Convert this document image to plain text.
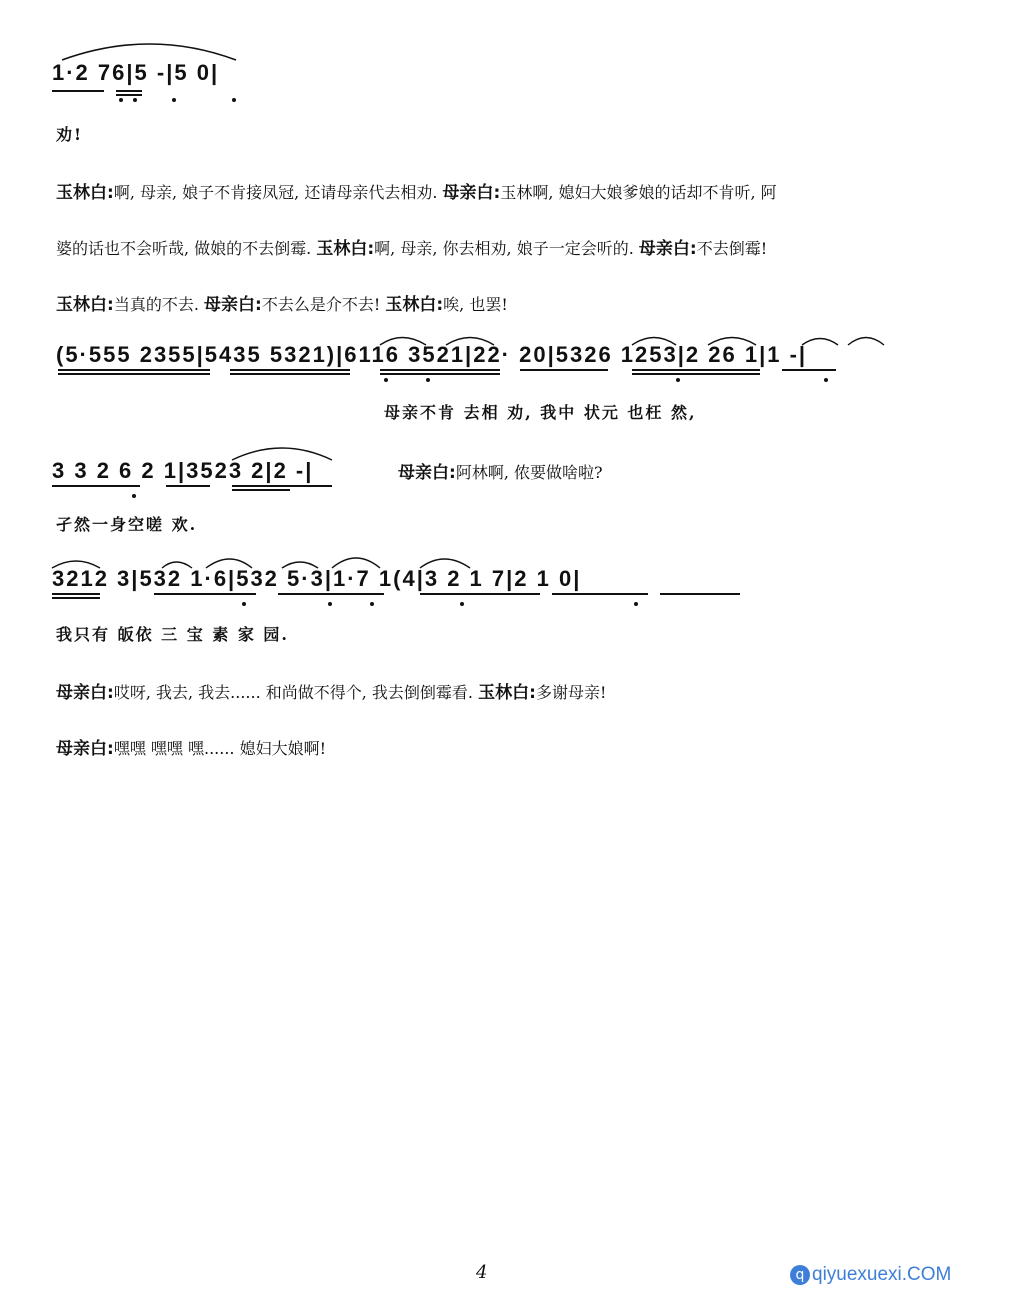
1·2 76|5 -|5 0|
劝!
玉林白:啊, 母亲, 娘子不肯接凤冠, 还请母亲代去相劝. 母亲白:玉林啊, 媳妇大娘爹娘的话却不肯听, 阿
婆的话也不会听哉, 做娘的不去倒霉. 玉林白:啊, 母亲, 你去相劝, 娘子一定会听的. 母亲白:不去倒霉!
玉林白:当真的不去. 母亲白:不去么是介不去! 玉林白:唉, 也罢!
(5·555 2355|5435 5321)|6116 3521|22· 20|5326 1253|2 26 1|1 -|
母亲不肯 去相 劝, 我中 状元 也枉 然,
3 3 2 6 2 1|3523 2|2 -|	母亲白:阿林啊, 侬要做啥啦?
孑然一身空嗟 欢.
3212 3|532 1·6|532 5·3|1·7 1(4|3 2 1 7|2 1 0|
我只有 皈依 三 宝 素 家 园.
母亲白:哎呀, 我去, 我去...... 和尚做不得个, 我去倒倒霉看. 玉林白:多谢母亲!
母亲白:嘿嘿 嘿嘿 嘿...... 媳妇大娘啊!
4	q qiyuexuexi.COM
